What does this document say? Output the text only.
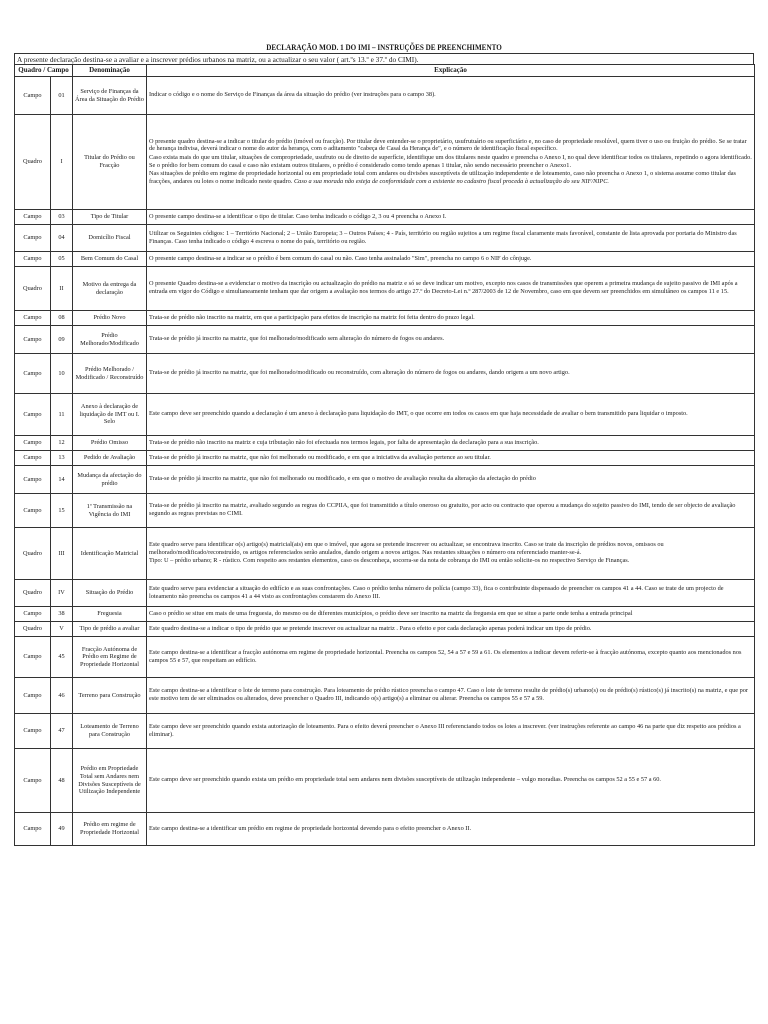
DECLARAÇÃO MOD. 1 DO IMI – INSTRUÇÕES DE PREENCHIMENTO
A presente declaração destina-se a avaliar e a inscrever prédios urbanos na matriz, ou a actualizar o seu valor ( art.ºs 13.º e 37.º do CIMI).
Quadro / Campo		Denominação	Explicação
Campo	01	Serviço de Finanças da Área da Situação do Prédio	Indicar o código e o nome do Serviço de Finanças da área da situação do prédio (ver instruções para o campo 38).

Quadro	I	Titular do Prédio ou Fracção	O presente quadro destina-se a indicar o titular do prédio (imóvel ou fracção). Por titular deve entender-se o proprietário, usufrutuário ou superficiário e, no caso de propriedade resolúvel, quem tiver o uso ou fruição do prédio. Se se tratar de herança indivisa, deverá indicar o nome do autor da herança, com o aditamento "cabeça de Casal da Herança de", e o número de identificação fiscal específico.

Caso exista mais do que um titular, situações de compropriedade, usufruto ou de direito de superfície, identifique um dos titulares neste quadro e preencha o Anexo I, no qual deve identificar todos os titulares, repetindo o agora identificado. Se o prédio for bem comum do casal e caso não existam outros titulares, o prédio é considerado como tendo apenas 1 titular, não sendo necessário preencher o Anexo1.

Nas situações de prédio em regime de propriedade horizontal ou em propriedade total com andares ou divisões susceptíveis de utilização independente e de loteamento, caso não preencha o Anexo 1, o sistema assume como titular das fracções, andares ou lotes o nome indicado neste quadro. Caso a sua morada não esteja de conformidade com a existente no cadastro fiscal proceda à actualização do seu NIF/NIPC.

Campo	03	Tipo de Titular	O presente campo destina-se a identificar o tipo de titular. Caso tenha indicado o código 2, 3 ou 4 preencha o Anexo I.

Campo	04	Domicílio Fiscal	Utilizar os Seguintes códigos: 1 – Território Nacional; 2 – União Europeia; 3 – Outros Países; 4 - País, território ou região sujeitos a um regime fiscal claramente mais favorável, constante de lista aprovada por portaria do Ministro das Finanças. Caso tenha indicado o código 4 escreva o nome do país, território ou região.

Campo	05	Bem Comum do Casal	O presente campo destina-se a indicar se o prédio é bem comum do casal ou não. Caso tenha assinalado "Sim", preencha no campo 6 o NIF do cônjuge.

Quadro	II	Motivo da entrega da declaração	O presente Quadro destina-se a evidenciar o motivo da inscrição ou actualização do prédio na matriz e só se deve indicar um motivo, excepto nos casos de transmissões que operem a primeira mudança de sujeito passivo de IMI após a entrada em vigor do Código e simultaneamente tenham que dar origem a avaliação nos termos do artigo 27.º do Decreto-Lei n.º 287/2003 de 12 de Novembro, caso em que devem ser preenchidos em simultâneo os campos 11 e 15.

Campo	08	Prédio Novo	Trata-se de prédio não inscrito na matriz, em que a participação para efeitos de inscrição na matriz foi feita dentro do prazo legal.

Campo	09	Prédio Melhorado/Modificado	Trata-se de prédio já inscrito na matriz, que foi melhorado/modificado sem alteração do número de fogos ou andares.

Campo	10	Prédio Melhorado / Modificado / Reconstruído	Trata-se de prédio já inscrito na matriz, que foi melhorado/modificado ou reconstruído, com alteração do número de fogos ou andares, dando origem a um novo artigo.

Campo	11	Anexo à declaração de liquidação de IMT ou I. Selo	Este campo deve ser preenchido quando a declaração é um anexo à declaração para liquidação do IMT, o que ocorre em todos os casos em que haja necessidade de avaliar o bem transmitido para liquidar o imposto.

Campo	12	Prédio Omisso	Trata-se de prédio não inscrito na matriz e cuja tributação não foi efectuada nos termos legais, por falta de apresentação da declaração para a sua inscrição.

Campo	13	Pedido de Avaliação	Trata-se de prédio já inscrito na matriz, que não foi melhorado ou modificado, e em que a iniciativa da avaliação pertence ao seu titular.

Campo	14	Mudança da afectação do prédio	Trata-se de prédio já inscrito na matriz, que não foi melhorado ou modificado, e em que o motivo de avaliação resulta da alteração da afectação do prédio

Campo	15	1ª Transmissão na Vigência do IMI	Trata-se de prédio já inscrito na matriz, avaliado segundo as regras do CCPIIA, que foi transmitido a título oneroso ou gratuito, por acto ou contracto que operou a mudança do sujeito passivo do IMI, tendo de ser objecto de avaliação segundo as regras previstas no CIMI.

Quadro	III	Identificação Matricial	Este quadro serve para identificar o(s) artigo(s) matricial(ais) em que o imóvel, que agora se pretende inscrever ou actualizar, se encontrava inscrito. Caso se trate da inscrição de prédios novos, omissos ou melhorado/modificado/reconstruído, os artigos referenciados serão anulados, dando origem a novos artigos. Nas restantes situações o número ora referenciado manter-se-á.

Tipo: U – prédio urbano; R - rústico. Com respeito aos restantes elementos, caso os desconheça, socorra-se da nota de cobrança do IMI ou então solicite-os no respectivo Serviço de Finanças.

Quadro	IV	Situação do Prédio	Este quadro serve para evidenciar a situação do edifício e as suas confrontações. Caso o prédio tenha número de polícia (campo 33), fica o contribuinte dispensado de preencher os campos 41 a 44. Caso se trate de um projecto de loteamento não preencha os campos 41 a 44 visto as confrontações constarem do Anexo III.

Campo	38	Freguesia	Caso o prédio se situe em mais de uma freguesia, do mesmo ou de diferentes municípios, o prédio deve ser inscrito na matriz da freguesia em que se situe a parte onde tenha a entrada principal

Quadro	V	Tipo de prédio a avaliar	Este quadro destina-se a indicar o tipo de prédio que se pretende inscrever ou actualizar na matriz . Para o efeito e por cada declaração apenas poderá indicar um tipo de prédio.

Campo	45	Fracção Autónoma de Prédio em Regime de Propriedade Horizontal	Este campo destina-se a identificar a fracção autónoma em regime de propriedade horizontal. Preencha os campos 52, 54 a 57 e 59 a 61. Os elementos a indicar devem referir-se à fracção autónoma, excepto quanto aos mencionados nos campos 55 e 57, que respeitam ao edifício.

Campo	46	Terreno para Construção	Este campo destina-se a identificar o lote de terreno para construção. Para loteamento de prédio rústico preencha o campo 47. Caso o lote de terreno resulte de prédio(s) urbano(s) ou de prédio(s) rústico(s) já inscrito(s) na matriz, e que por este motivo tem de ser eliminados ou alterados, deve preencher o Quadro III, indicando o(s) artigo(s) a eliminar ou alterar. Preencha os campos 55 e 57 a 59.

Campo	47	Loteamento de Terreno para Construção	Este campo deve ser preenchido quando exista autorização de loteamento. Para o efeito deverá preencher o Anexo III referenciando todos os lotes a inscrever. (ver instruções referente ao campo 46 na parte que diz respeito aos prédios a eliminar).

Campo	48	Prédio em Propriedade Total sem Andares nem Divisões Susceptíveis de Utilização Independente	Este campo deve ser preenchido quando exista um prédio em propriedade total sem andares nem divisões susceptíveis de utilização independente – vulgo moradias. Preencha os campos 52 a 55 e 57 a 60.

Campo	49	Prédio em regime de Propriedade Horizontal	Este campo destina-se a identificar um prédio em regime de propriedade horizontal devendo para o efeito preencher o Anexo II.
